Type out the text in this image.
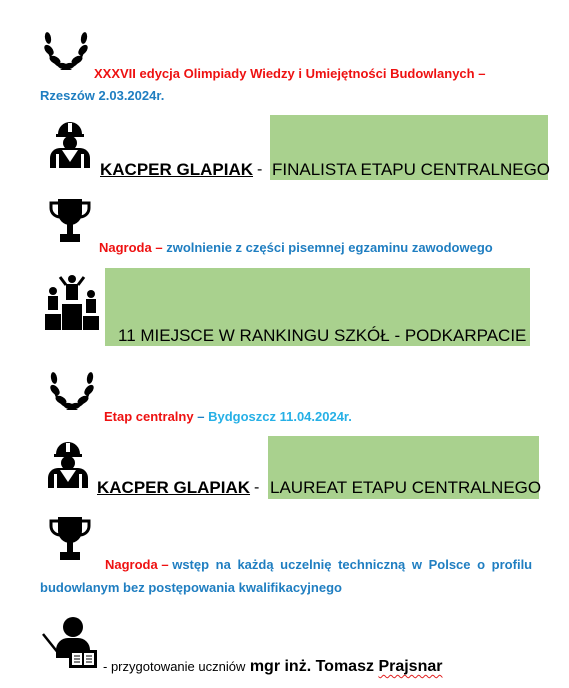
XXXVII edycja Olimpiady Wiedzy i Umiejętności Budowlanych –
Rzeszów 2.03.2024r.
KACPER GLAPIAK - FINALISTA ETAPU CENTRALNEGO
Nagroda – zwolnienie z części pisemnej egzaminu zawodowego
11 MIEJSCE W RANKINGU SZKÓŁ - PODKARPACIE
Etap centralny – Bydgoszcz 11.04.2024r.
KACPER GLAPIAK - LAUREAT ETAPU CENTRALNEGO
Nagroda – wstęp na każdą uczelnię techniczną w Polsce o profilu
budowlanym bez postępowania kwalifikacyjnego
- przygotowanie uczniów mgr inż. Tomasz Prajsnar
